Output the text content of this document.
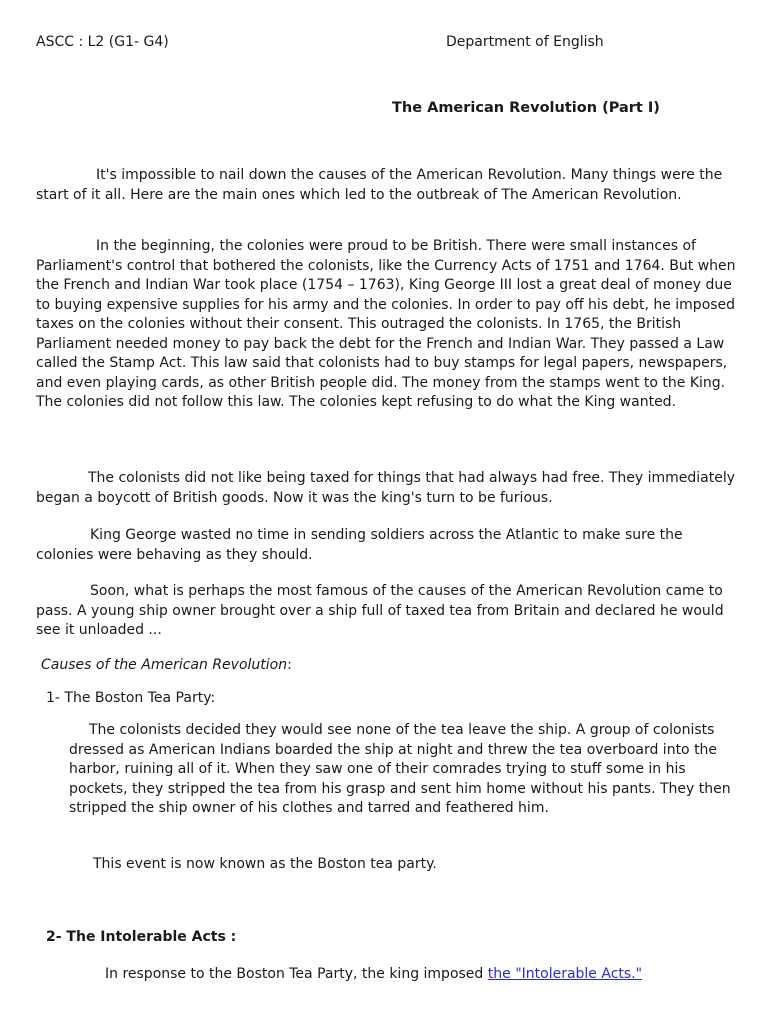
ASCC : L2 (G1- G4)	Department of English
The American Revolution (Part I)

It's impossible to nail down the causes of the American Revolution. Many things were the start of it all. Here are the main ones which led to the outbreak of The American Revolution.

In the beginning, the colonies were proud to be British. There were small instances of Parliament's control that bothered the colonists, like the Currency Acts of 1751 and 1764. But when the French and Indian War took place (1754 – 1763), King George III lost a great deal of money due to buying expensive supplies for his army and the colonies. In order to pay off his debt, he imposed taxes on the colonies without their consent. This outraged the colonists. In 1765, the British Parliament needed money to pay back the debt for the French and Indian War. They passed a Law called the Stamp Act. This law said that colonists had to buy stamps for legal papers, newspapers, and even playing cards, as other British people did. The money from the stamps went to the King. The colonies did not follow this law. The colonies kept refusing to do what the King wanted.

The colonists did not like being taxed for things that had always had free. They immediately began a boycott of British goods. Now it was the king's turn to be furious.

King George wasted no time in sending soldiers across the Atlantic to make sure the colonies were behaving as they should.

Soon, what is perhaps the most famous of the causes of the American Revolution came to pass. A young ship owner brought over a ship full of taxed tea from Britain and declared he would see it unloaded ...

Causes of the American Revolution:
1- The Boston Tea Party:

The colonists decided they would see none of the tea leave the ship. A group of colonists dressed as American Indians boarded the ship at night and threw the tea overboard into the harbor, ruining all of it. When they saw one of their comrades trying to stuff some in his pockets, they stripped the tea from his grasp and sent him home without his pants. They then stripped the ship owner of his clothes and tarred and feathered him.

This event is now known as the Boston tea party.
2- The Intolerable Acts :
In response to the Boston Tea Party, the king imposed the "Intolerable Acts."
